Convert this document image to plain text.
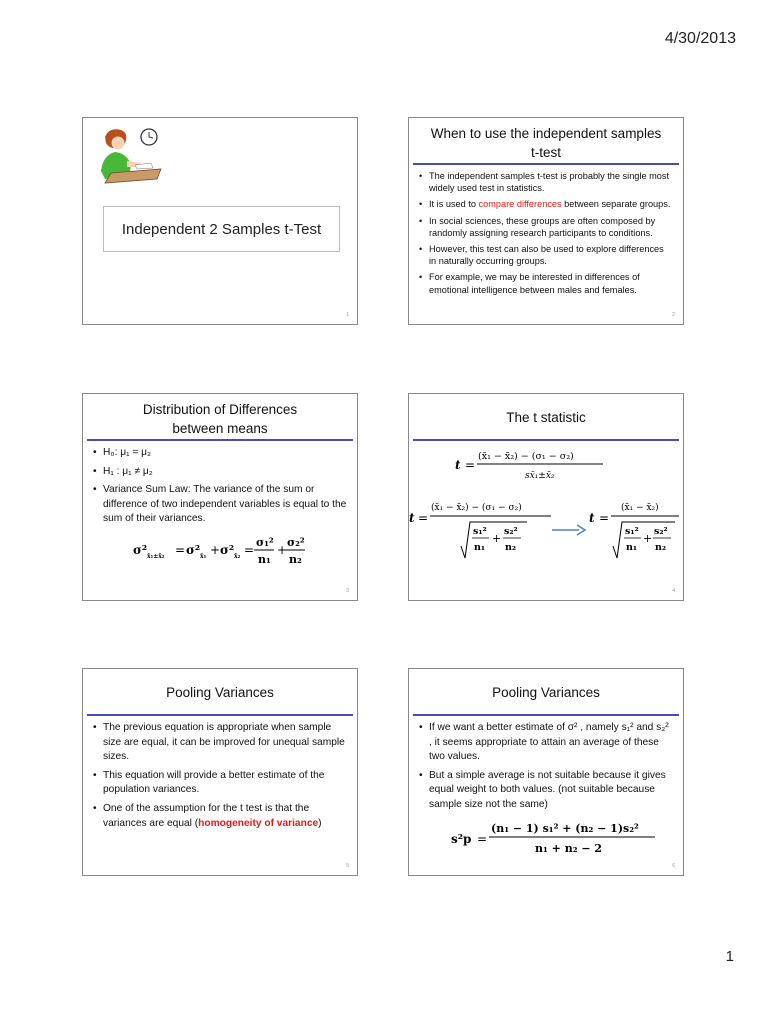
4/30/2013
Independent 2 Samples t-Test
1
When to use the independent samples
t-test
• The independent samples t-test is probably the single most widely used test in statistics.
• It is used to compare differences between separate groups.
• In social sciences, these groups are often composed by randomly assigning research participants to conditions.
• However, this test can also be used to explore differences in naturally occurring groups.
• For example, we may be interested in differences of emotional intelligence between males and females.
2
Distribution of Differences
between means
• H₀: μ₁ = μ₂
• H₁ : μ₁ ≠ μ₂
• Variance Sum Law: The variance of the sum or difference of two independent variables is equal to the sum of their variances.
σ² x̄₁±x̄₂ = σ² x̄₁ + σ² x̄₂ =
σ₁²
n₁
+
σ₂²
n₂
3
The t statistic
t =
(x̄₁ − x̄₂) − (σ₁ − σ₂)
sx̄₁±x̄₂
t =
(x̄₁ − x̄₂) − (σ₁ − σ₂)
s₁²
n₁
+
s₂²
n₂
t =
(x̄₁ − x̄₂)
s₁²
n₁
+
s₂²
n₂
4
Pooling Variances
• The previous equation is appropriate when sample size are equal, it can be improved for unequal sample sizes.
• This equation will provide a better estimate of the population variances.
• One of the assumption for the t test is that the variances are equal (homogeneity of variance)
5
Pooling Variances
• If we want a better estimate of σ² , namely s₁² and s₂² , it seems appropriate to attain an average of these two values.
• But a simple average is not suitable because it gives equal weight to both values. (not suitable because sample size not the same)
s²p =
(n₁ − 1) s₁² + (n₂ − 1)s₂²
n₁ + n₂ − 2
6
1
